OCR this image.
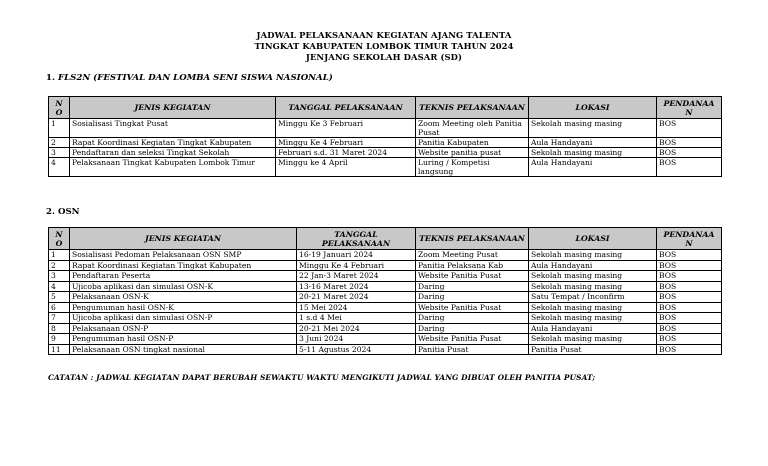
JADWAL PELAKSANAAN KEGIATAN AJANG TALENTA
TINGKAT KABUPATEN LOMBOK TIMUR TAHUN 2024
JENJANG SEKOLAH DASAR (SD)
1. FLS2N (FESTIVAL DAN LOMBA SENI SISWA NASIONAL)
N O	JENIS KEGIATAN	TANGGAL PELAKSANAAN	TEKNIS PELAKSANAAN	LOKASI	PENDANAA N
1	Sosialisasi Tingkat Pusat	Minggu Ke 3 Februari	Zoom Meeting oleh Panitia Pusat	Sekolah masing masing	BOS
2	Rapat Koordinasi Kegiatan Tingkat Kabupaten	Minggu Ke 4 Februari	Panitia Kabupaten	Aula Handayani	BOS
3	Pendaftaran dan seleksi Tingkat Sekolah	Februari s.d. 31 Maret 2024	Website panitia pusat	Sekolah masing masing	BOS
4	Pelaksanaan Tingkat Kabupaten Lombok Timur	Minggu ke 4 April	Luring / Kompetisi langsung	Aula Handayani	BOS
2. OSN
N O	JENIS KEGIATAN	TANGGAL PELAKSANAAN	TEKNIS PELAKSANAAN	LOKASI	PENDANAA N
1	Sosialisasi Pedoman Pelaksanaan OSN SMP	16-19 Januari 2024	Zoom Meeting Pusat	Sekolah masing masing	BOS
2	Rapat Koordinasi Kegiatan Tingkat Kabupaten	Minggu Ke 4 Februari	Panitia Pelaksana Kab	Aula Handayani	BOS
3	Pendaftaran Peserta	22 Jan-3 Maret 2024	Website Panitia Pusat	Sekolah masing masing	BOS
4	Ujicoba aplikasi dan simulasi OSN-K	13-16 Maret 2024	Daring	Sekolah masing masing	BOS
5	Pelaksanaan OSN-K	20-21 Maret 2024	Daring	Satu Tempat / Inconfirm	BOS
6	Pengumuman hasil OSN-K	15 Mei 2024	Website Panitia Pusat	Sekolah masing masing	BOS
7	Ujicoba aplikasi dan simulasi OSN-P	1 s.d 4 Mei	Daring	Sekolah masing masing	BOS
8	Pelaksanaan OSN-P	20-21 Mei 2024	Daring	Aula Handayani	BOS
9	Pengumuman hasil OSN-P	3 Juni 2024	Website Panitia Pusat	Sekolah masing masing	BOS
11	Pelaksanaan OSN tingkat nasional	5-11 Agustus 2024	Panitia Pusat	Panitia Pusat	BOS
CATATAN : JADWAL KEGIATAN DAPAT BERUBAH SEWAKTU WAKTU MENGIKUTI JADWAL YANG DIBUAT OLEH PANITIA PUSAT;
